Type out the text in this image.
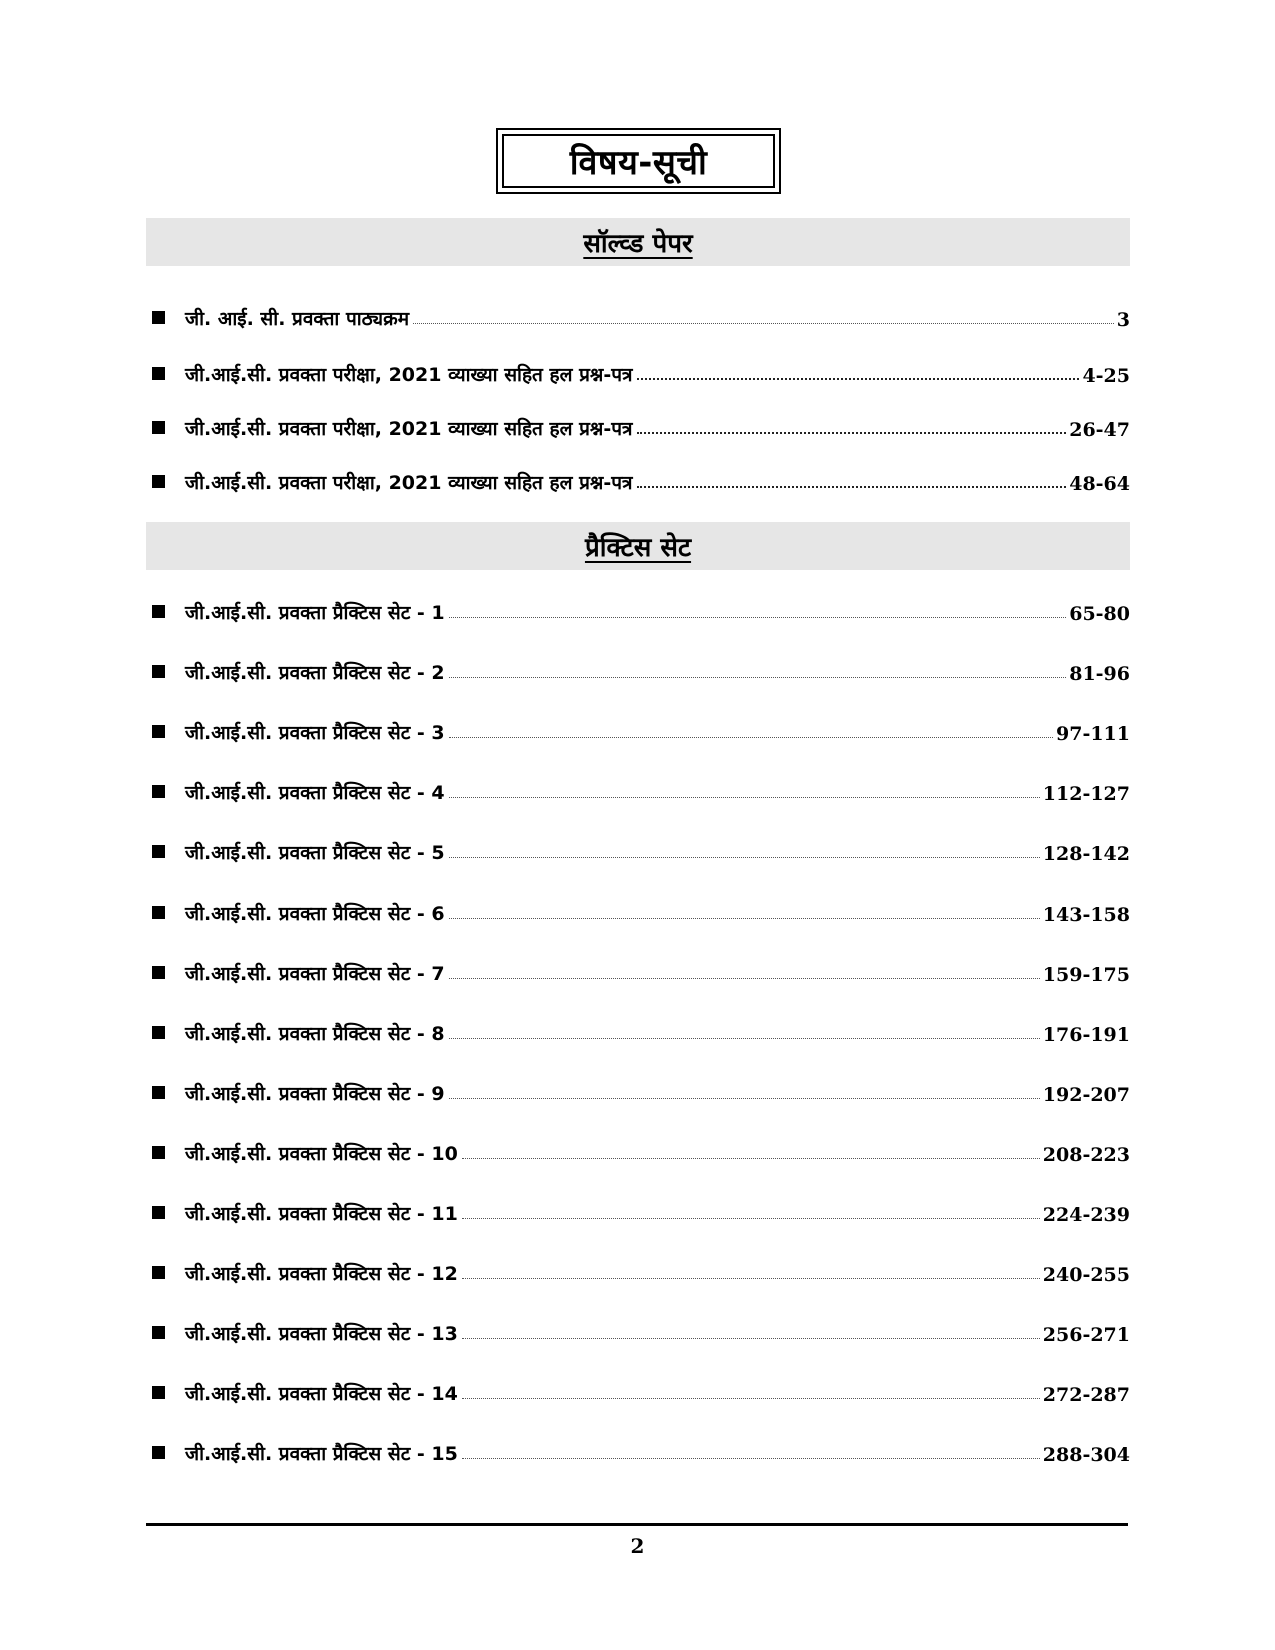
विषय-सूची
सॉल्व्ड पेपर
जी. आई. सी. प्रवक्ता पाठ्यक्रम	3
जी.आई.सी. प्रवक्ता परीक्षा, 2021 व्याख्या सहित हल प्रश्न-पत्र	4-25
जी.आई.सी. प्रवक्ता परीक्षा, 2021 व्याख्या सहित हल प्रश्न-पत्र	26-47
जी.आई.सी. प्रवक्ता परीक्षा, 2021 व्याख्या सहित हल प्रश्न-पत्र	48-64
प्रैक्टिस सेट
जी.आई.सी. प्रवक्ता प्रैक्टिस सेट - 1	65-80
जी.आई.सी. प्रवक्ता प्रैक्टिस सेट - 2	81-96
जी.आई.सी. प्रवक्ता प्रैक्टिस सेट - 3	97-111
जी.आई.सी. प्रवक्ता प्रैक्टिस सेट - 4	112-127
जी.आई.सी. प्रवक्ता प्रैक्टिस सेट - 5	128-142
जी.आई.सी. प्रवक्ता प्रैक्टिस सेट - 6	143-158
जी.आई.सी. प्रवक्ता प्रैक्टिस सेट - 7	159-175
जी.आई.सी. प्रवक्ता प्रैक्टिस सेट - 8	176-191
जी.आई.सी. प्रवक्ता प्रैक्टिस सेट - 9	192-207
जी.आई.सी. प्रवक्ता प्रैक्टिस सेट - 10	208-223
जी.आई.सी. प्रवक्ता प्रैक्टिस सेट - 11	224-239
जी.आई.सी. प्रवक्ता प्रैक्टिस सेट - 12	240-255
जी.आई.सी. प्रवक्ता प्रैक्टिस सेट - 13	256-271
जी.आई.सी. प्रवक्ता प्रैक्टिस सेट - 14	272-287
जी.आई.सी. प्रवक्ता प्रैक्टिस सेट - 15	288-304
2
